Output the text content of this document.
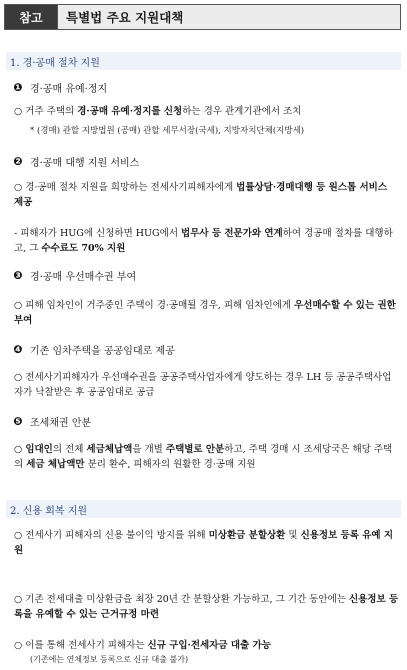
참고	특별법 주요 지원대책
1. 경·공매 절차 지원
❶ 경·공매 유예·정지
○ 거주 주택의 경·공매 유예·정지를 신청하는 경우 관계기관에서 조치
* (경매) 관할 지방법원 (공매) 관할 세무서장(국세), 지방자치단체(지방세)
❷ 경·공매 대행 지원 서비스
○ 경·공매 절차 지원을 희망하는 전세사기피해자에게 법률상담·경매대행 등 원스톱 서비스 제공
- 피해자가 HUG에 신청하면 HUG에서 법무사 등 전문가와 연계하여 경공매 절차를 대행하고, 그 수수료도 70% 지원
❸ 경·공매 우선매수권 부여
○ 피해 임차인이 거주중인 주택이 경·공매될 경우, 피해 임차인에게 우선매수할 수 있는 권한 부여
❹ 기존 임차주택을 공공임대로 제공
○ 전세사기피해자가 우선매수권을 공공주택사업자에게 양도하는 경우 LH 등 공공주택사업자가 낙찰받은 후 공공임대로 공급
❺ 조세채권 안분
○ 임대인의 전체 세금체납액을 개별 주택별로 안분하고, 주택 경매 시 조세당국은 해당 주택의 세금 체납액만 분리 환수, 피해자의 원활한 경·공매 지원
2. 신용 회복 지원
○ 전세사기 피해자의 신용 불이익 방지를 위해 미상환금 분할상환 및 신용정보 등록 유예 지원
○ 기존 전세대출 미상환금을 최장 20년 간 분할상환 가능하고, 그 기간 동안에는 신용정보 등록을 유예할 수 있는 근거규정 마련
○ 이를 통해 전세사기 피해자는 신규 구입·전세자금 대출 가능
(기존에는 연체정보 등록으로 신규 대출 불가)
